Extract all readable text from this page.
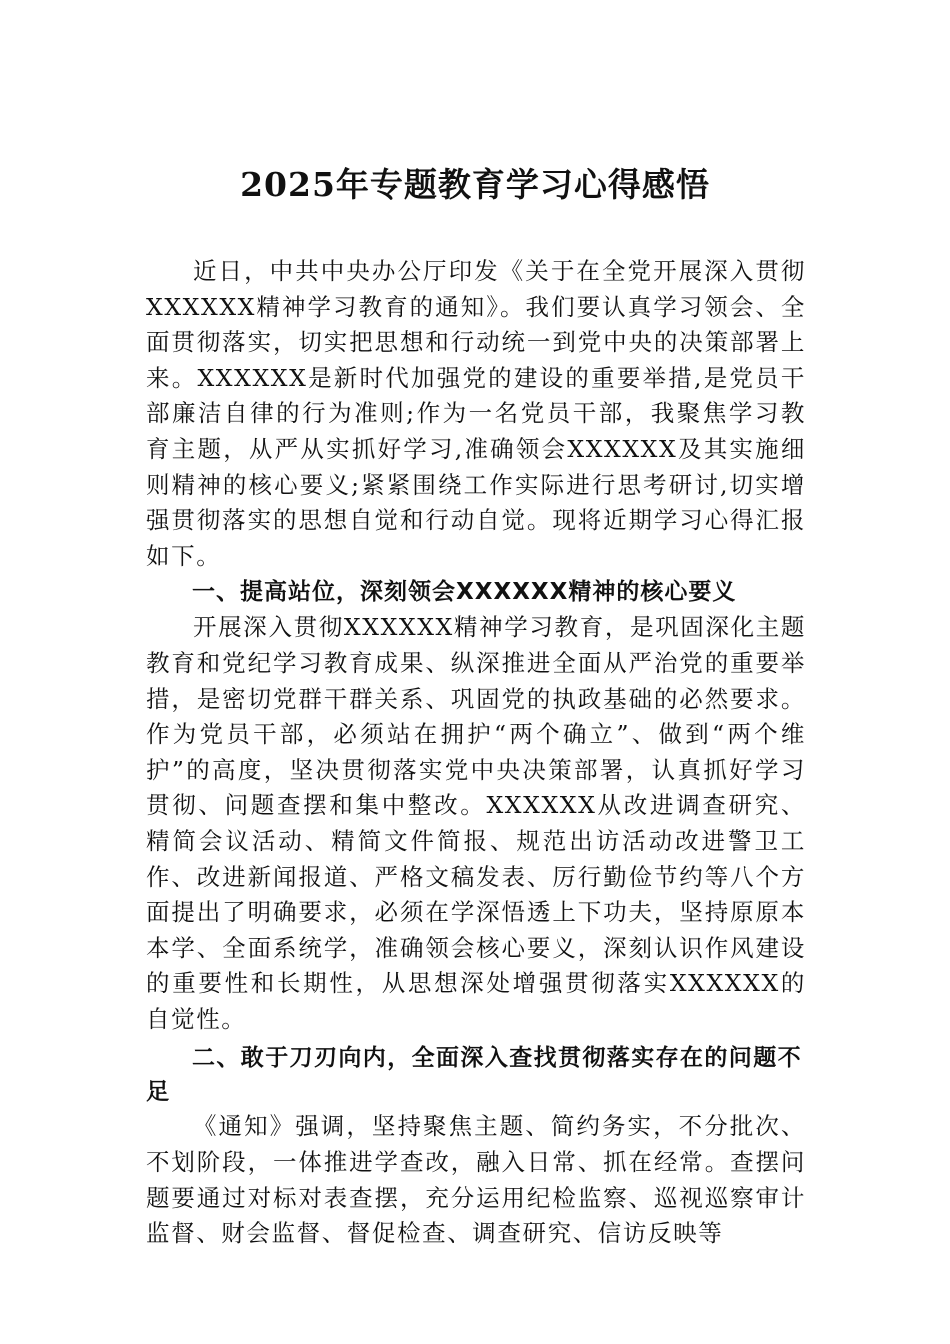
2025年专题教育学习心得感悟

近日，中共中央办公厅印发《关于在全党开展深入贯彻XXXXXX精神学习教育的通知》。我们要认真学习领会、全面贯彻落实，切实把思想和行动统一到党中央的决策部署上来。XXXXXX是新时代加强党的建设的重要举措,是党员干部廉洁自律的行为准则;作为一名党员干部，我聚焦学习教育主题，从严从实抓好学习,准确领会XXXXXX及其实施细则精神的核心要义;紧紧围绕工作实际进行思考研讨,切实增强贯彻落实的思想自觉和行动自觉。现将近期学习心得汇报如下。

一、提高站位，深刻领会XXXXXX精神的核心要义

开展深入贯彻XXXXXX精神学习教育，是巩固深化主题教育和党纪学习教育成果、纵深推进全面从严治党的重要举措，是密切党群干群关系、巩固党的执政基础的必然要求。作为党员干部，必须站在拥护“两个确立”、做到“两个维护”的高度，坚决贯彻落实党中央决策部署，认真抓好学习贯彻、问题查摆和集中整改。XXXXXX从改进调查研究、精简会议活动、精简文件简报、规范出访活动改进警卫工作、改进新闻报道、严格文稿发表、厉行勤俭节约等八个方面提出了明确要求，必须在学深悟透上下功夫，坚持原原本本学、全面系统学，准确领会核心要义，深刻认识作风建设的重要性和长期性，从思想深处增强贯彻落实XXXXXX的自觉性。

二、敢于刀刃向内，全面深入查找贯彻落实存在的问题不足

《通知》强调，坚持聚焦主题、简约务实，不分批次、不划阶段，一体推进学查改，融入日常、抓在经常。查摆问题要通过对标对表查摆，充分运用纪检监察、巡视巡察审计监督、财会监督、督促检查、调查研究、信访反映等
